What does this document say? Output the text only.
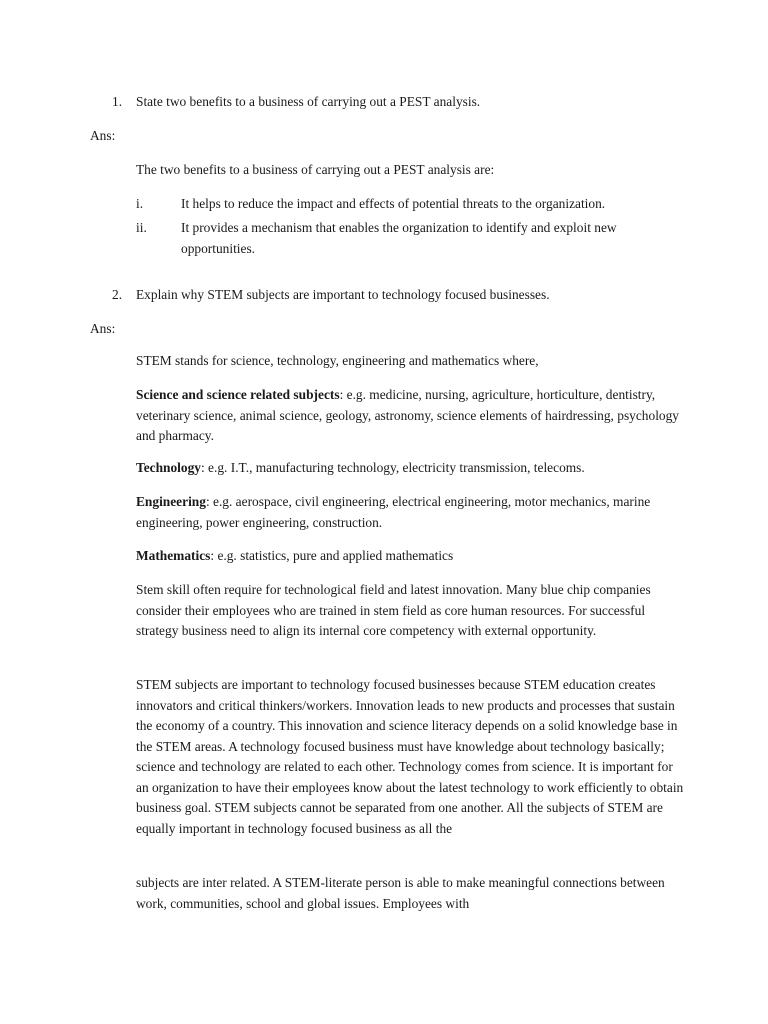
1.	State two benefits to a business of carrying out a PEST analysis.
Ans:
The two benefits to a business of carrying out a PEST analysis are:
i.	It helps to reduce the impact and effects of potential threats to the organization.
ii.	It provides a mechanism that enables the organization to identify and exploit new opportunities.
2.	Explain why STEM subjects are important to technology focused businesses.
Ans:
STEM stands for science, technology, engineering and mathematics where,
Science and science related subjects: e.g. medicine, nursing, agriculture, horticulture, dentistry, veterinary science, animal science, geology, astronomy, science elements of hairdressing, psychology and pharmacy.
Technology: e.g. I.T., manufacturing technology, electricity transmission, telecoms.
Engineering: e.g. aerospace, civil engineering, electrical engineering, motor mechanics, marine engineering, power engineering, construction.
Mathematics: e.g. statistics, pure and applied mathematics
Stem skill often require for technological field and latest innovation. Many blue chip companies consider their employees who are trained in stem field as core human resources. For successful strategy business need to align its internal core competency with external opportunity.
STEM subjects are important to technology focused businesses because STEM education creates innovators and critical thinkers/workers. Innovation leads to new products and processes that sustain the economy of a country. This innovation and science literacy depends on a solid knowledge base in the STEM areas. A technology focused business must have knowledge about technology basically; science and technology are related to each other. Technology comes from science. It is important for an organization to have their employees know about the latest technology to work efficiently to obtain business goal. STEM subjects cannot be separated from one another. All the subjects of STEM are equally important in technology focused business as all the
subjects are inter related. A STEM-literate person is able to make meaningful connections between work, communities, school and global issues. Employees with
